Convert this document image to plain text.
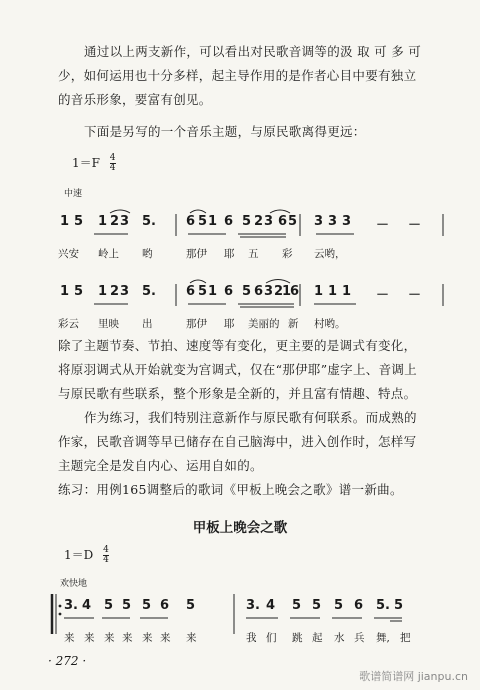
通过以上两支新作，可以看出对民歌音调等的汲 取 可 多 可
少，如何运用也十分多样，起主导作用的是作者心目中要有独立
的音乐形象，要富有创见。
下面是另写的一个音乐主题，与原民歌离得更远：
$1=F \frac{4}{4}$
中速
1 5 1 2 3 5 . 6 5 1 6 5 2 3 6 5 3 3 3 － －
兴安 岭上 哟	那伊 耶 五 彩 云哟，
1 5 1 2 3 5 . 6 5 1 6 5 6 3 2
1
6 1 1 1 － －
彩云 里映 出	那伊 耶 美丽的 新 村哟。
除了主题节奏、节拍、速度等有变化，更主要的是调式有变化，
将原羽调式从开始就变为宫调式，仅在“那伊耶”虚字上、音调上
与原民歌有些联系，整个形象是全新的，并且富有情趣、特点。
作为练习，我们特别注意新作与原民歌有何联系。而成熟的
作家，民歌音调等早已储存在自己脑海中，进入创作时，怎样写
主题完全是发自内心、运用自如的。
练习：用例165调整后的歌词《甲板上晚会之歌》谱一新曲。
甲板上晚会之歌
$1=D \frac{4}{4}$
欢快地
3. 4 5 5 5 6 5	3. 4 5 5 5 6 5. 5
来 来 来 来 来 来 来	我 们 跳 起 水 兵 舞, 把
· 272 ·
歌谱简谱网 jianpu.cn
